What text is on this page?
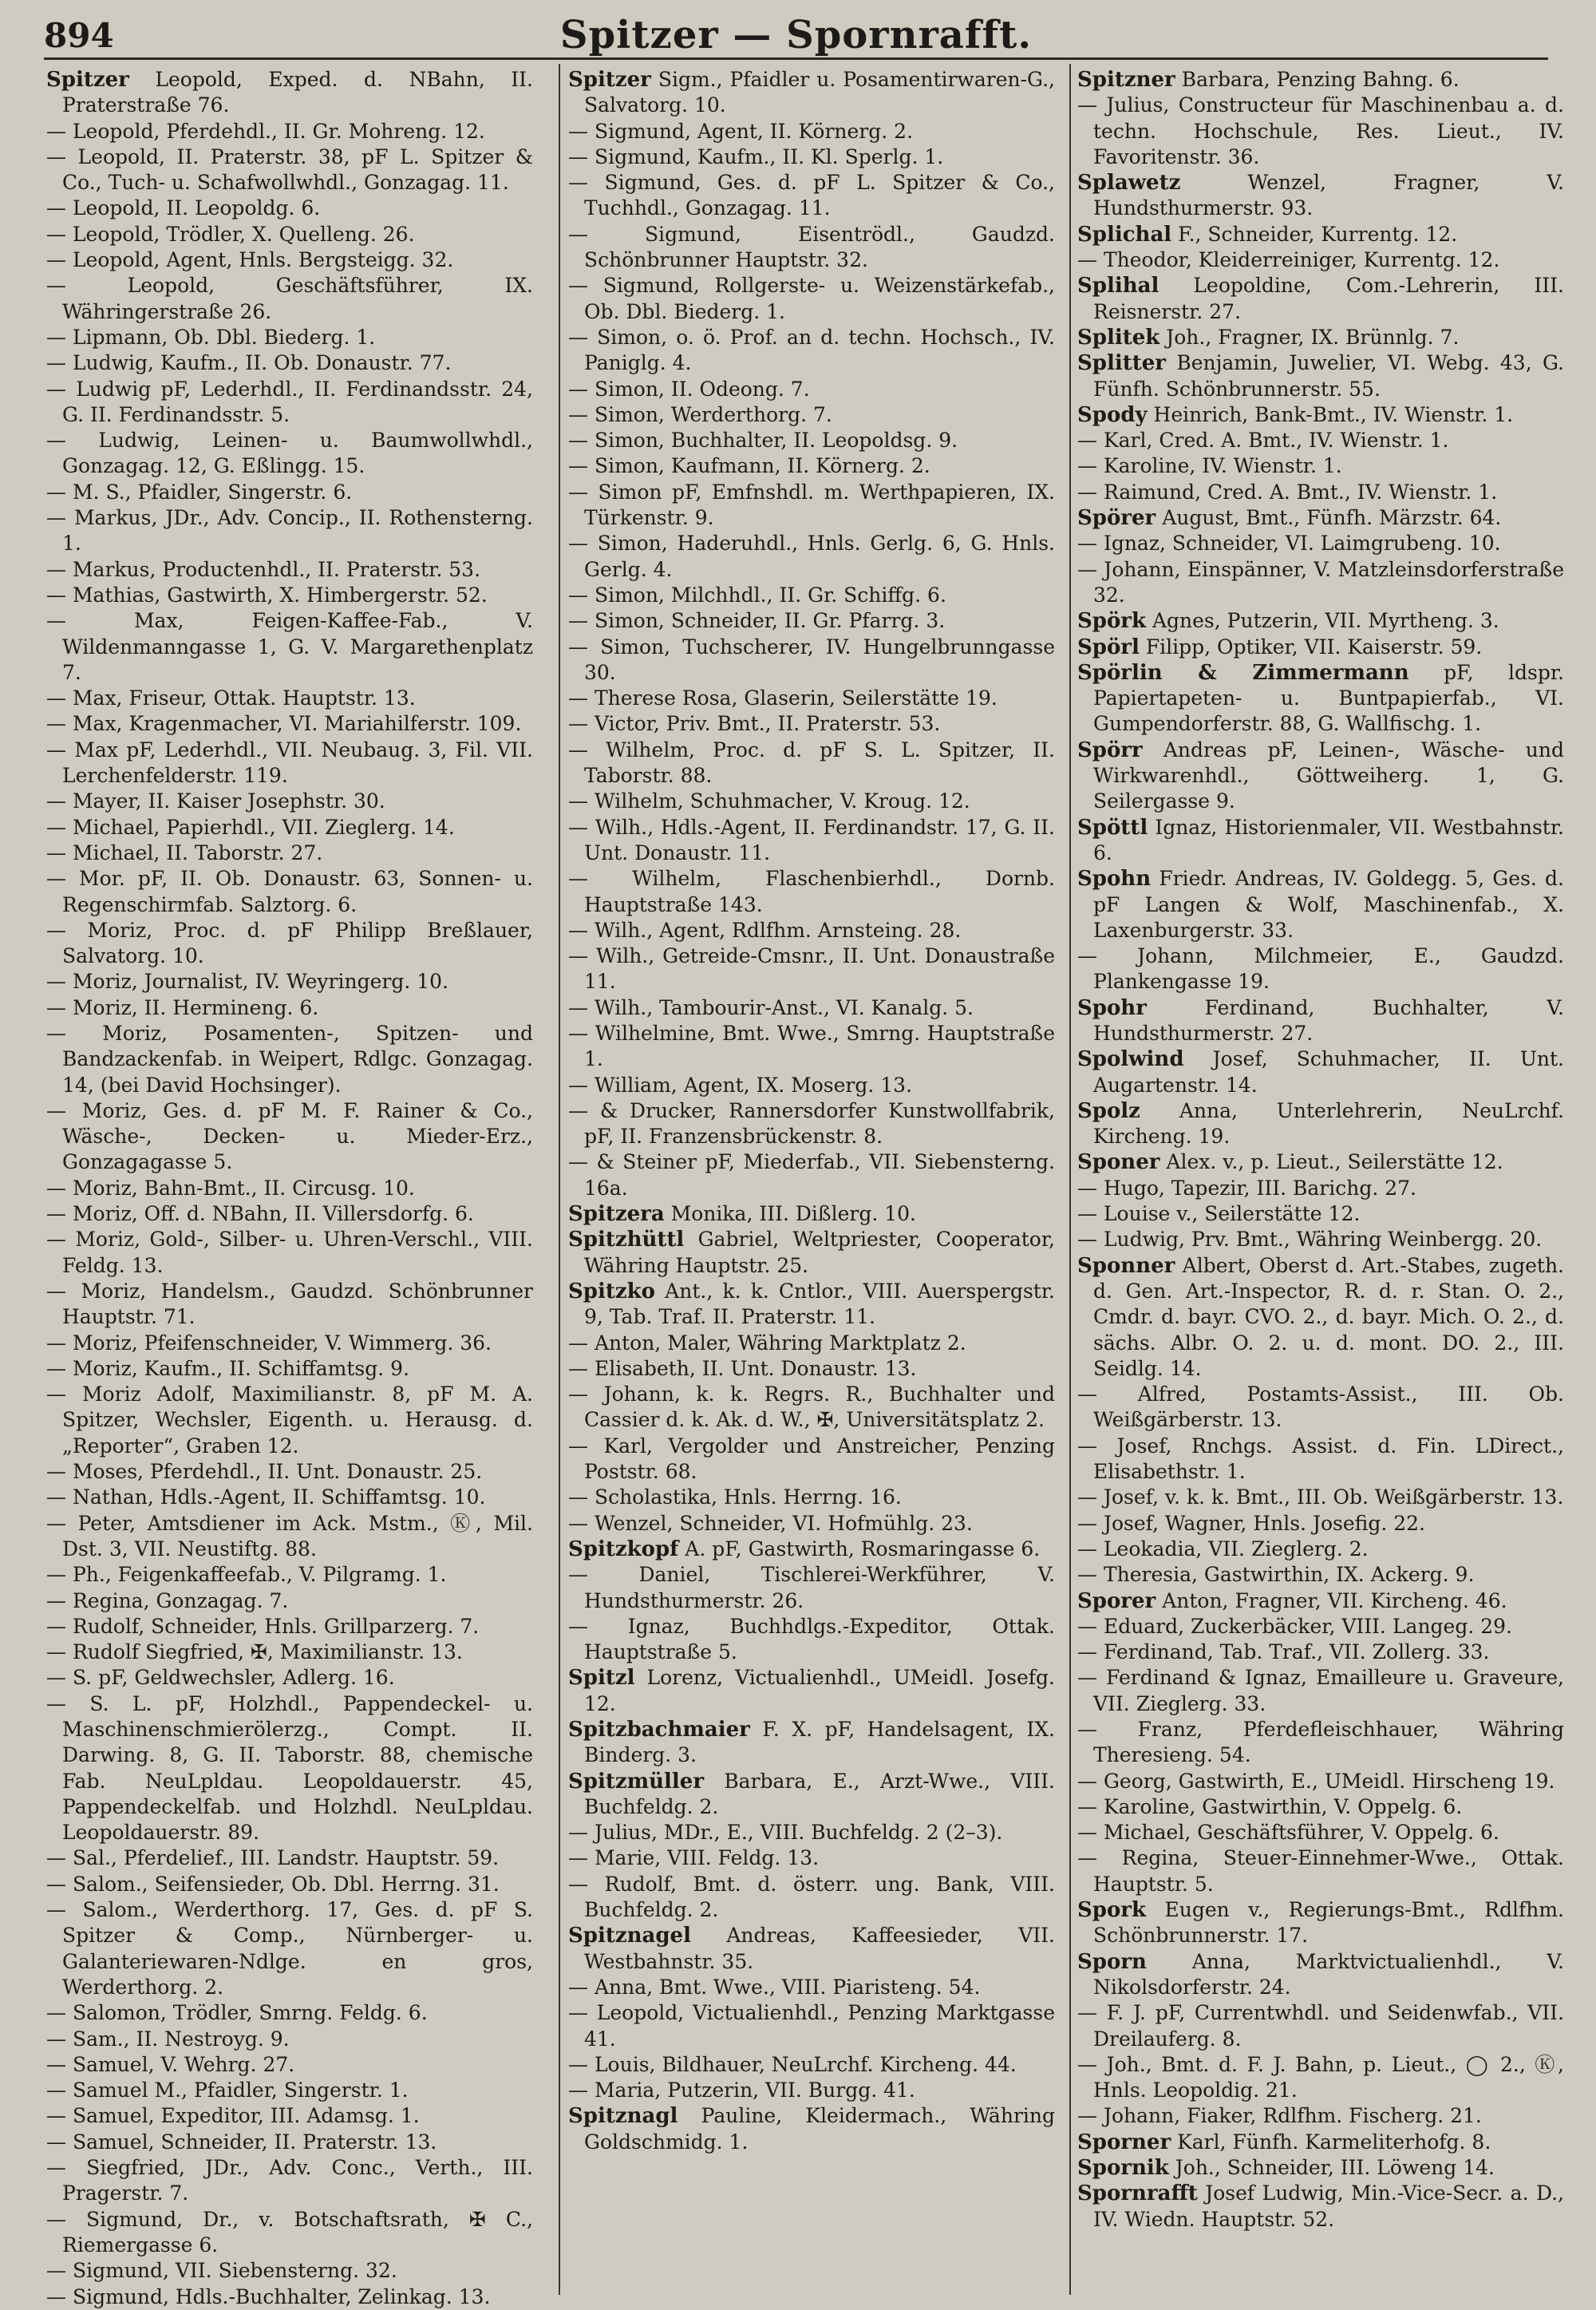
894	Spitzer — Spornrafft.
Spitzer Leopold, Exped. d. NBahn, II. Praterstraße 76.
— Leopold, Pferdehdl., II. Gr. Mohreng. 12.
— Leopold, II. Praterstr. 38, pF L. Spitzer & Co., Tuch- u. Schafwollwhdl., Gonzagag. 11.
— Leopold, II. Leopoldg. 6.
— Leopold, Trödler, X. Quelleng. 26.
— Leopold, Agent, Hnls. Bergsteigg. 32.
— Leopold, Geschäftsführer, IX. Währingerstraße 26.
— Lipmann, Ob. Dbl. Biederg. 1.
— Ludwig, Kaufm., II. Ob. Donaustr. 77.
— Ludwig pF, Lederhdl., II. Ferdinandsstr. 24, G. II. Ferdinandsstr. 5.
— Ludwig, Leinen- u. Baumwollwhdl., Gonzagag. 12, G. Eßlingg. 15.
— M. S., Pfaidler, Singerstr. 6.
— Markus, JDr., Adv. Concip., II. Rothensterng. 1.
— Markus, Productenhdl., II. Praterstr. 53.
— Mathias, Gastwirth, X. Himbergerstr. 52.
— Max, Feigen-Kaffee-Fab., V. Wildenmanngasse 1, G. V. Margarethenplatz 7.
— Max, Friseur, Ottak. Hauptstr. 13.
— Max, Kragenmacher, VI. Mariahilferstr. 109.
— Max pF, Lederhdl., VII. Neubaug. 3, Fil. VII. Lerchenfelderstr. 119.
— Mayer, II. Kaiser Josephstr. 30.
— Michael, Papierhdl., VII. Zieglerg. 14.
— Michael, II. Taborstr. 27.
— Mor. pF, II. Ob. Donaustr. 63, Sonnen- u. Regenschirmfab. Salztorg. 6.
— Moriz, Proc. d. pF Philipp Breßlauer, Salvatorg. 10.
— Moriz, Journalist, IV. Weyringerg. 10.
— Moriz, II. Hermineng. 6.
— Moriz, Posamenten-, Spitzen- und Bandzackenfab. in Weipert, Rdlgc. Gonzagag. 14, (bei David Hochsinger).
— Moriz, Ges. d. pF M. F. Rainer & Co., Wäsche-, Decken- u. Mieder-Erz., Gonzagagasse 5.
— Moriz, Bahn-Bmt., II. Circusg. 10.
— Moriz, Off. d. NBahn, II. Villersdorfg. 6.
— Moriz, Gold-, Silber- u. Uhren-Verschl., VIII. Feldg. 13.
— Moriz, Handelsm., Gaudzd. Schönbrunner Hauptstr. 71.
— Moriz, Pfeifenschneider, V. Wimmerg. 36.
— Moriz, Kaufm., II. Schiffamtsg. 9.
— Moriz Adolf, Maximilianstr. 8, pF M. A. Spitzer, Wechsler, Eigenth. u. Herausg. d. „Reporter“, Graben 12.
— Moses, Pferdehdl., II. Unt. Donaustr. 25.
— Nathan, Hdls.-Agent, II. Schiffamtsg. 10.
— Peter, Amtsdiener im Ack. Mstm., Ⓚ, Mil. Dst. 3, VII. Neustiftg. 88.
— Ph., Feigenkaffeefab., V. Pilgramg. 1.
— Regina, Gonzagag. 7.
— Rudolf, Schneider, Hnls. Grillparzerg. 7.
— Rudolf Siegfried, ✠, Maximilianstr. 13.
— S. pF, Geldwechsler, Adlerg. 16.
— S. L. pF, Holzhdl., Pappendeckel- u. Maschinenschmierölerzg., Compt. II. Darwing. 8, G. II. Taborstr. 88, chemische Fab. NeuLpldau. Leopoldauerstr. 45, Pappendeckelfab. und Holzhdl. NeuLpldau. Leopoldauerstr. 89.
— Sal., Pferdelief., III. Landstr. Hauptstr. 59.
— Salom., Seifensieder, Ob. Dbl. Herrng. 31.
— Salom., Werderthorg. 17, Ges. d. pF S. Spitzer & Comp., Nürnberger- u. Galanteriewaren-Ndlge. en gros, Werderthorg. 2.
— Salomon, Trödler, Smrng. Feldg. 6.
— Sam., II. Nestroyg. 9.
— Samuel, V. Wehrg. 27.
— Samuel M., Pfaidler, Singerstr. 1.
— Samuel, Expeditor, III. Adamsg. 1.
— Samuel, Schneider, II. Praterstr. 13.
— Siegfried, JDr., Adv. Conc., Verth., III. Pragerstr. 7.
— Sigmund, Dr., v. Botschaftsrath, ✠ C., Riemergasse 6.
— Sigmund, VII. Siebensterng. 32.
— Sigmund, Hdls.-Buchhalter, Zelinkag. 13.
Spitzer Sigm., Pfaidler u. Posamentirwaren-G., Salvatorg. 10.
— Sigmund, Agent, II. Körnerg. 2.
— Sigmund, Kaufm., II. Kl. Sperlg. 1.
— Sigmund, Ges. d. pF L. Spitzer & Co., Tuchhdl., Gonzagag. 11.
— Sigmund, Eisentrödl., Gaudzd. Schönbrunner Hauptstr. 32.
— Sigmund, Rollgerste- u. Weizenstärkefab., Ob. Dbl. Biederg. 1.
— Simon, o. ö. Prof. an d. techn. Hochsch., IV. Paniglg. 4.
— Simon, II. Odeong. 7.
— Simon, Werderthorg. 7.
— Simon, Buchhalter, II. Leopoldsg. 9.
— Simon, Kaufmann, II. Körnerg. 2.
— Simon pF, Emfnshdl. m. Werthpapieren, IX. Türkenstr. 9.
— Simon, Haderuhdl., Hnls. Gerlg. 6, G. Hnls. Gerlg. 4.
— Simon, Milchhdl., II. Gr. Schiffg. 6.
— Simon, Schneider, II. Gr. Pfarrg. 3.
— Simon, Tuchscherer, IV. Hungelbrunngasse 30.
— Therese Rosa, Glaserin, Seilerstätte 19.
— Victor, Priv. Bmt., II. Praterstr. 53.
— Wilhelm, Proc. d. pF S. L. Spitzer, II. Taborstr. 88.
— Wilhelm, Schuhmacher, V. Kroug. 12.
— Wilh., Hdls.-Agent, II. Ferdinandstr. 17, G. II. Unt. Donaustr. 11.
— Wilhelm, Flaschenbierhdl., Dornb. Hauptstraße 143.
— Wilh., Agent, Rdlfhm. Arnsteing. 28.
— Wilh., Getreide-Cmsnr., II. Unt. Donaustraße 11.
— Wilh., Tambourir-Anst., VI. Kanalg. 5.
— Wilhelmine, Bmt. Wwe., Smrng. Hauptstraße 1.
— William, Agent, IX. Moserg. 13.
— & Drucker, Rannersdorfer Kunstwollfabrik, pF, II. Franzensbrückenstr. 8.
— & Steiner pF, Miederfab., VII. Siebensterng. 16a.
Spitzera Monika, III. Dißlerg. 10.
Spitzhüttl Gabriel, Weltpriester, Cooperator, Währing Hauptstr. 25.
Spitzko Ant., k. k. Cntlor., VIII. Auerspergstr. 9, Tab. Traf. II. Praterstr. 11.
— Anton, Maler, Währing Marktplatz 2.
— Elisabeth, II. Unt. Donaustr. 13.
— Johann, k. k. Regrs. R., Buchhalter und Cassier d. k. Ak. d. W., ✠, Universitätsplatz 2.
— Karl, Vergolder und Anstreicher, Penzing Poststr. 68.
— Scholastika, Hnls. Herrng. 16.
— Wenzel, Schneider, VI. Hofmühlg. 23.
Spitzkopf A. pF, Gastwirth, Rosmaringasse 6.
— Daniel, Tischlerei-Werkführer, V. Hundsthurmerstr. 26.
— Ignaz, Buchhdlgs.-Expeditor, Ottak. Hauptstraße 5.
Spitzl Lorenz, Victualienhdl., UMeidl. Josefg. 12.
Spitzbachmaier F. X. pF, Handelsagent, IX. Binderg. 3.
Spitzmüller Barbara, E., Arzt-Wwe., VIII. Buchfeldg. 2.
— Julius, MDr., E., VIII. Buchfeldg. 2 (2–3).
— Marie, VIII. Feldg. 13.
— Rudolf, Bmt. d. österr. ung. Bank, VIII. Buchfeldg. 2.
Spitznagel Andreas, Kaffeesieder, VII. Westbahnstr. 35.
— Anna, Bmt. Wwe., VIII. Piaristeng. 54.
— Leopold, Victualienhdl., Penzing Marktgasse 41.
— Louis, Bildhauer, NeuLrchf. Kircheng. 44.
— Maria, Putzerin, VII. Burgg. 41.
Spitznagl Pauline, Kleidermach., Währing Goldschmidg. 1.
Spitzner Barbara, Penzing Bahng. 6.
— Julius, Constructeur für Maschinenbau a. d. techn. Hochschule, Res. Lieut., IV. Favoritenstr. 36.
Splawetz	Wenzel, Fragner, V. Hundsthurmerstr. 93.
Splichal F., Schneider, Kurrentg. 12.
— Theodor, Kleiderreiniger, Kurrentg. 12.
Splihal Leopoldine, Com.-Lehrerin, III. Reisnerstr. 27.
Splitek Joh., Fragner, IX. Brünnlg. 7.
Splitter Benjamin, Juwelier, VI. Webg. 43, G. Fünfh. Schönbrunnerstr. 55.
Spody Heinrich, Bank-Bmt., IV. Wienstr. 1.
— Karl, Cred. A. Bmt., IV. Wienstr. 1.
— Karoline, IV. Wienstr. 1.
— Raimund, Cred. A. Bmt., IV. Wienstr. 1.
Spörer August, Bmt., Fünfh. Märzstr. 64.
— Ignaz, Schneider, VI. Laimgrubeng. 10.
— Johann, Einspänner, V. Matzleinsdorferstraße 32.
Spörk Agnes, Putzerin, VII. Myrtheng. 3.
Spörl Filipp, Optiker, VII. Kaiserstr. 59.
Spörlin & Zimmermann pF, ldspr. Papiertapeten- u. Buntpapierfab., VI. Gumpendorferstr. 88, G. Wallfischg. 1.
Spörr Andreas pF, Leinen-, Wäsche- und Wirkwarenhdl., Göttweiherg. 1, G. Seilergasse 9.
Spöttl Ignaz, Historienmaler, VII. Westbahnstr. 6.
Spohn Friedr. Andreas, IV. Goldegg. 5, Ges. d. pF Langen & Wolf, Maschinenfab., X. Laxenburgerstr. 33.
— Johann, Milchmeier, E., Gaudzd. Plankengasse 19.
Spohr	Ferdinand, Buchhalter, V. Hundsthurmerstr. 27.
Spolwind Josef, Schuhmacher, II. Unt. Augartenstr. 14.
Spolz Anna, Unterlehrerin, NeuLrchf. Kircheng. 19.
Sponer Alex. v., p. Lieut., Seilerstätte 12.
— Hugo, Tapezir, III. Barichg. 27.
— Louise v., Seilerstätte 12.
— Ludwig, Prv. Bmt., Währing Weinbergg. 20.
Sponner Albert, Oberst d. Art.-Stabes, zugeth. d. Gen. Art.-Inspector, R. d. r. Stan. O. 2., Cmdr. d. bayr. CVO. 2., d. bayr. Mich. O. 2., d. sächs. Albr. O. 2. u. d. mont. DO. 2., III. Seidlg. 14.
— Alfred, Postamts-Assist., III. Ob. Weißgärberstr. 13.
— Josef, Rnchgs. Assist. d. Fin. LDirect., Elisabethstr. 1.
— Josef, v. k. k. Bmt., III. Ob. Weißgärberstr. 13.
— Josef, Wagner, Hnls. Josefig. 22.
— Leokadia, VII. Zieglerg. 2.
— Theresia, Gastwirthin, IX. Ackerg. 9.
Sporer Anton, Fragner, VII. Kircheng. 46.
— Eduard, Zuckerbäcker, VIII. Langeg. 29.
— Ferdinand, Tab. Traf., VII. Zollerg. 33.
— Ferdinand & Ignaz, Emailleure u. Graveure, VII. Zieglerg. 33.
— Franz, Pferdefleischhauer, Währing Theresieng. 54.
— Georg, Gastwirth, E., UMeidl. Hirscheng 19.
— Karoline, Gastwirthin, V. Oppelg. 6.
— Michael, Geschäftsführer, V. Oppelg. 6.
— Regina, Steuer-Einnehmer-Wwe., Ottak. Hauptstr. 5.
Spork Eugen v., Regierungs-Bmt., Rdlfhm. Schönbrunnerstr. 17.
Sporn Anna, Marktvictualienhdl., V. Nikolsdorferstr. 24.
— F. J. pF, Currentwhdl. und Seidenwfab., VII. Dreilauferg. 8.
— Joh., Bmt. d. F. J. Bahn, p. Lieut., ◯ 2., Ⓚ, Hnls. Leopoldig. 21.
— Johann, Fiaker, Rdlfhm. Fischerg. 21.
Sporner Karl, Fünfh. Karmeliterhofg. 8.
Spornik Joh., Schneider, III. Löweng 14.
Spornrafft Josef Ludwig, Min.-Vice-Secr. a. D., IV. Wiedn. Hauptstr. 52.
